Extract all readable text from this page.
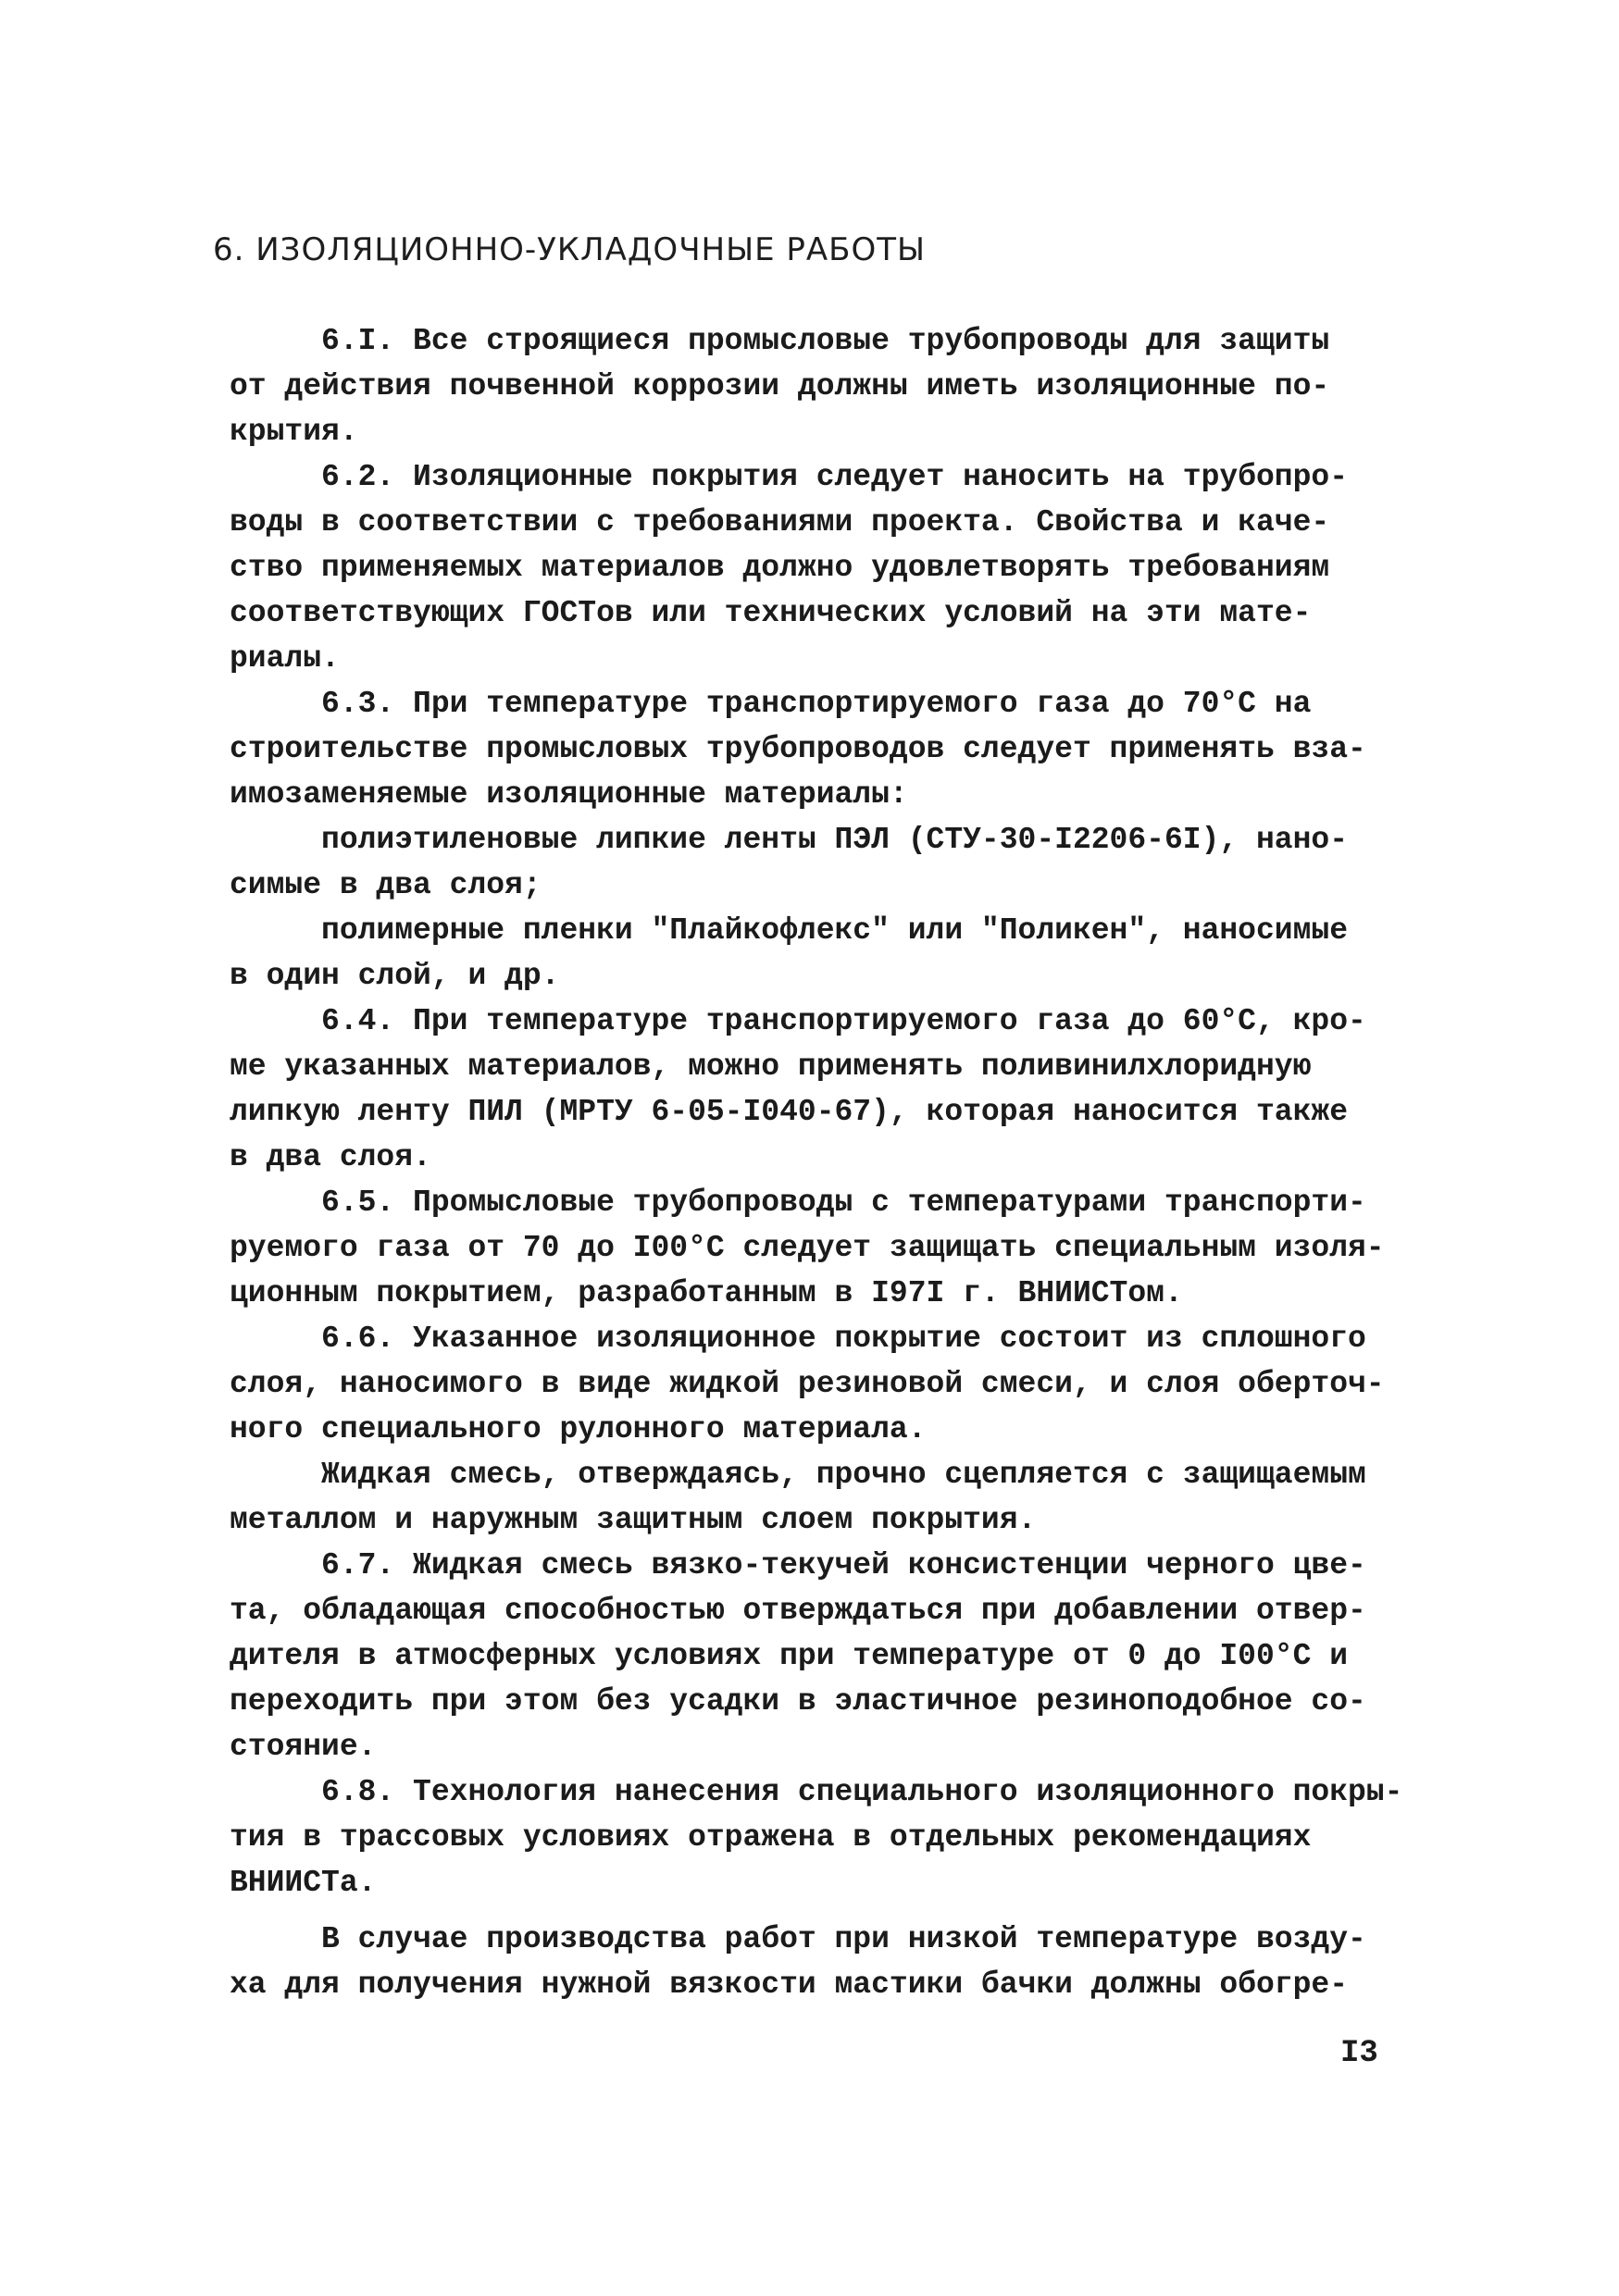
6. ИЗОЛЯЦИОННО-УКЛАДОЧНЫЕ РАБОТЫ
6.I. Все строящиеся промысловые трубопроводы для защиты
от действия почвенной коррозии должны иметь изоляционные по-
крытия.
6.2. Изоляционные покрытия следует наносить на трубопро-
воды в соответствии с требованиями проекта. Свойства и каче-
ство применяемых материалов должно удовлетворять требованиям
соответствующих ГОСТов или технических условий на эти мате-
риалы.
6.3. При температуре транспортируемого газа до 70°C на
строительстве промысловых трубопроводов следует применять вза-
имозаменяемые изоляционные материалы:
полиэтиленовые липкие ленты ПЭЛ (СТУ-30-I2206-6I), нано-
симые в два слоя;
полимерные пленки "Плайкофлекс" или "Поликен", наносимые
в один слой, и др.
6.4. При температуре транспортируемого газа до 60°C, кро-
ме указанных материалов, можно применять поливинилхлоридную
липкую ленту ПИЛ (МРТУ 6-05-I040-67), которая наносится также
в два слоя.
6.5. Промысловые трубопроводы с температурами транспорти-
руемого газа от 70 до I00°C следует защищать специальным изоля-
ционным покрытием, разработанным в I97I г. ВНИИСТом.
6.6. Указанное изоляционное покрытие состоит из сплошного
слоя, наносимого в виде жидкой резиновой смеси, и слоя оберточ-
ного специального рулонного материала.
Жидкая смесь, отверждаясь, прочно сцепляется с защищаемым
металлом и наружным защитным слоем покрытия.
6.7. Жидкая смесь вязко-текучей консистенции черного цве-
та, обладающая способностью отверждаться при добавлении отвер-
дителя в атмосферных условиях при температуре от 0 до I00°C и
переходить при этом без усадки в эластичное резиноподобное со-
стояние.
6.8. Технология нанесения специального изоляционного покры-
тия в трассовых условиях отражена в отдельных рекомендациях
ВНИИСТа.
В случае производства работ при низкой температуре возду-
ха для получения нужной вязкости мастики бачки должны обогре-
I3
